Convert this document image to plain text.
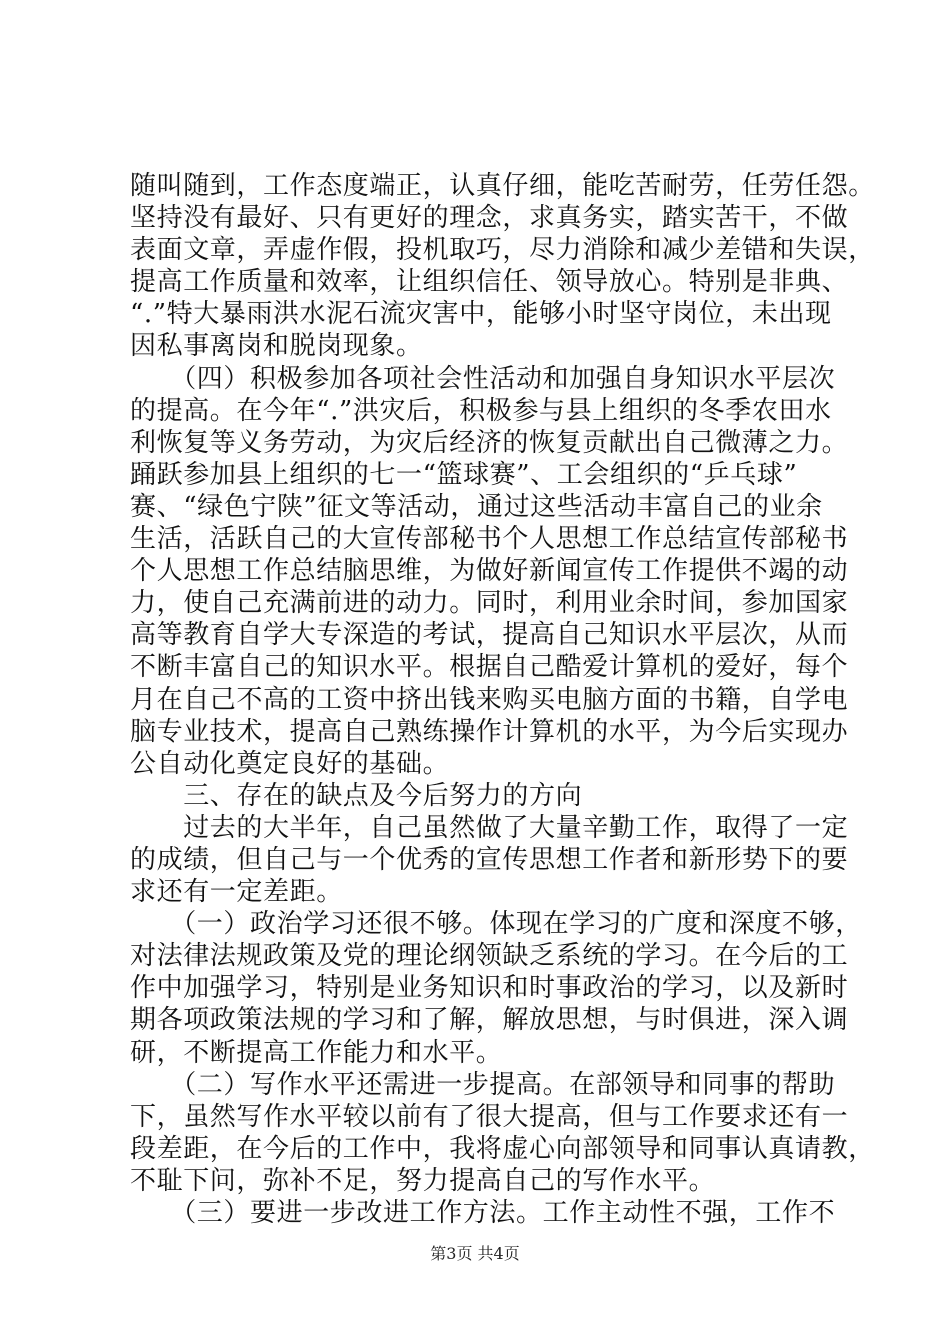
随叫随到，工作态度端正，认真仔细，能吃苦耐劳，任劳任怨。
坚持没有最好、只有更好的理念，求真务实，踏实苦干，不做
表面文章，弄虚作假，投机取巧，尽力消除和减少差错和失误，
提高工作质量和效率，让组织信任、领导放心。特别是非典、
“.”特大暴雨洪水泥石流灾害中，能够小时坚守岗位，未出现
因私事离岗和脱岗现象。
　　（四）积极参加各项社会性活动和加强自身知识水平层次
的提高。在今年“.”洪灾后，积极参与县上组织的冬季农田水
利恢复等义务劳动，为灾后经济的恢复贡献出自己微薄之力。
踊跃参加县上组织的七一“篮球赛”、工会组织的“乒乓球”
赛、“绿色宁陕”征文等活动，通过这些活动丰富自己的业余
生活，活跃自己的大宣传部秘书个人思想工作总结宣传部秘书
个人思想工作总结脑思维，为做好新闻宣传工作提供不竭的动
力，使自己充满前进的动力。同时，利用业余时间，参加国家
高等教育自学大专深造的考试，提高自己知识水平层次，从而
不断丰富自己的知识水平。根据自己酷爱计算机的爱好，每个
月在自己不高的工资中挤出钱来购买电脑方面的书籍，自学电
脑专业技术，提高自己熟练操作计算机的水平，为今后实现办
公自动化奠定良好的基础。
　　三、存在的缺点及今后努力的方向
　　过去的大半年，自己虽然做了大量辛勤工作，取得了一定
的成绩，但自己与一个优秀的宣传思想工作者和新形势下的要
求还有一定差距。
　　（一）政治学习还很不够。体现在学习的广度和深度不够，
对法律法规政策及党的理论纲领缺乏系统的学习。在今后的工
作中加强学习，特别是业务知识和时事政治的学习，以及新时
期各项政策法规的学习和了解，解放思想，与时俱进，深入调
研，不断提高工作能力和水平。
　　（二）写作水平还需进一步提高。在部领导和同事的帮助
下，虽然写作水平较以前有了很大提高，但与工作要求还有一
段差距，在今后的工作中，我将虚心向部领导和同事认真请教，
不耻下问，弥补不足，努力提高自己的写作水平。
　　（三）要进一步改进工作方法。工作主动性不强，工作不
第3页 共4页
